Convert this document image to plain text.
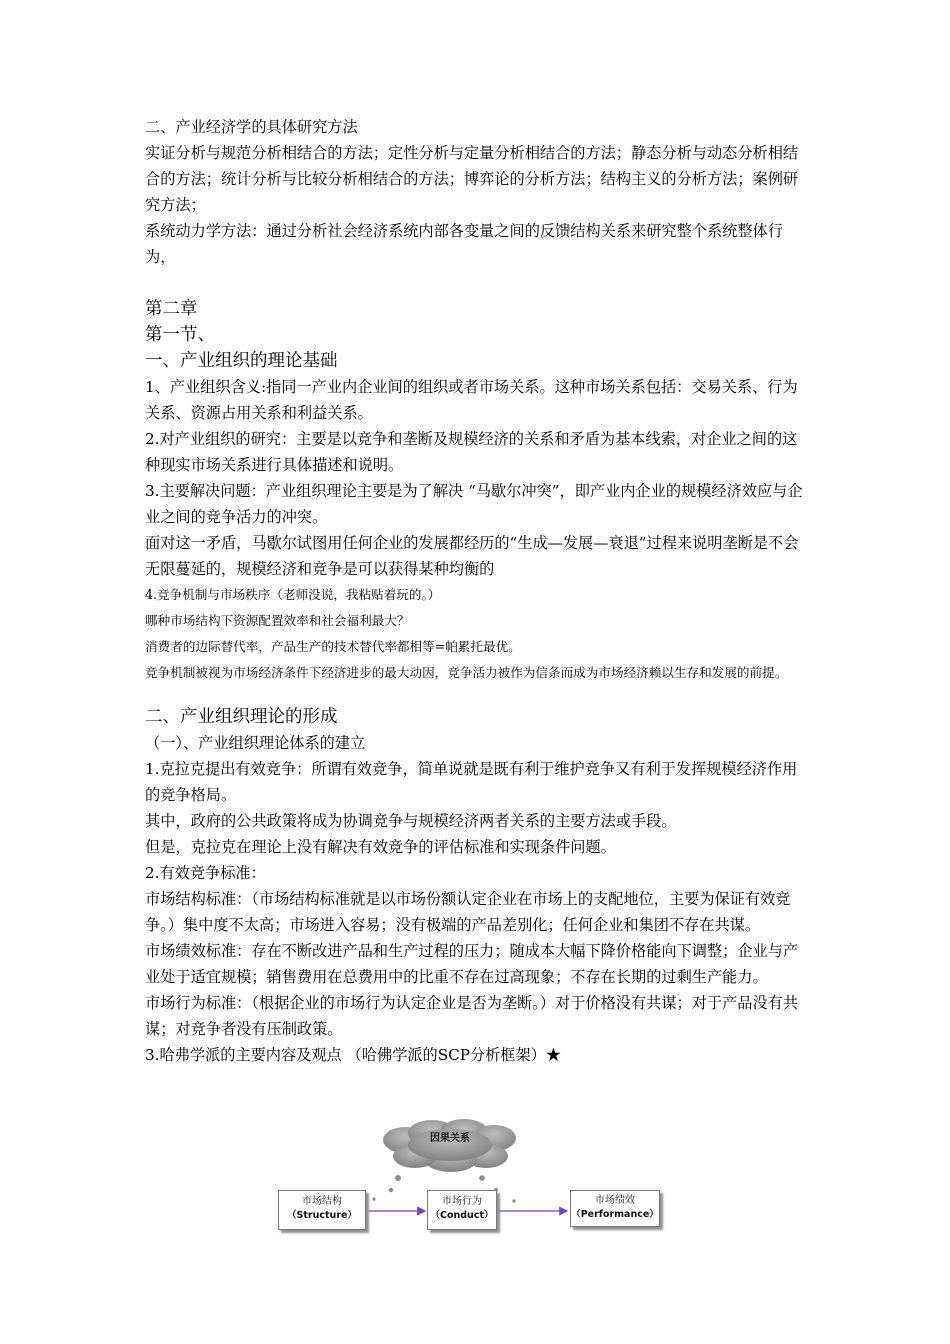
二、产业经济学的具体研究方法

实证分析与规范分析相结合的方法；定性分析与定量分析相结合的方法；静态分析与动态分析相结合的方法；统计分析与比较分析相结合的方法；博弈论的分析方法；结构主义的分析方法；案例研究方法；

系统动力学方法：通过分析社会经济系统内部各变量之间的反馈结构关系来研究整个系统整体行为，

第二章

第一节、

一、产业组织的理论基础

1、产业组织含义:指同一产业内企业间的组织或者市场关系。这种市场关系包括：交易关系、行为关系、资源占用关系和利益关系。

2.对产业组织的研究：主要是以竞争和垄断及规模经济的关系和矛盾为基本线索，对企业之间的这种现实市场关系进行具体描述和说明。

3.主要解决问题：产业组织理论主要是为了解决 “马歇尔冲突”，即产业内企业的规模经济效应与企业之间的竞争活力的冲突。

面对这一矛盾，马歇尔试图用任何企业的发展都经历的“生成—发展—衰退”过程来说明垄断是不会无限蔓延的，规模经济和竞争是可以获得某种均衡的

4.竞争机制与市场秩序（老师没说，我粘贴着玩的。）

哪种市场结构下资源配置效率和社会福利最大？

消费者的边际替代率，产品生产的技术替代率都相等=帕累托最优。

竞争机制被视为市场经济条件下经济进步的最大动因，竞争活力被作为信条而成为市场经济赖以生存和发展的前提。

二、产业组织理论的形成

（一）、产业组织理论体系的建立

1.克拉克提出有效竞争：所谓有效竞争，简单说就是既有利于维护竞争又有利于发挥规模经济作用的竞争格局。

其中，政府的公共政策将成为协调竞争与规模经济两者关系的主要方法或手段。

但是，克拉克在理论上没有解决有效竞争的评估标准和实现条件问题。

2.有效竞争标准：

市场结构标准：（市场结构标准就是以市场份额认定企业在市场上的支配地位，主要为保证有效竞争。）集中度不太高；市场进入容易；没有极端的产品差别化；任何企业和集团不存在共谋。

市场绩效标准：存在不断改进产品和生产过程的压力；随成本大幅下降价格能向下调整；企业与产业处于适宜规模；销售费用在总费用中的比重不存在过高现象；不存在长期的过剩生产能力。

市场行为标准：（根据企业的市场行为认定企业是否为垄断。）对于价格没有共谋；对于产品没有共谋；对竞争者没有压制政策。

3.哈弗学派的主要内容及观点 （哈佛学派的SCP分析框架）★

因果关系
市场结构
（Structure）
市场行为
（Conduct）
市场绩效
（Performance）
